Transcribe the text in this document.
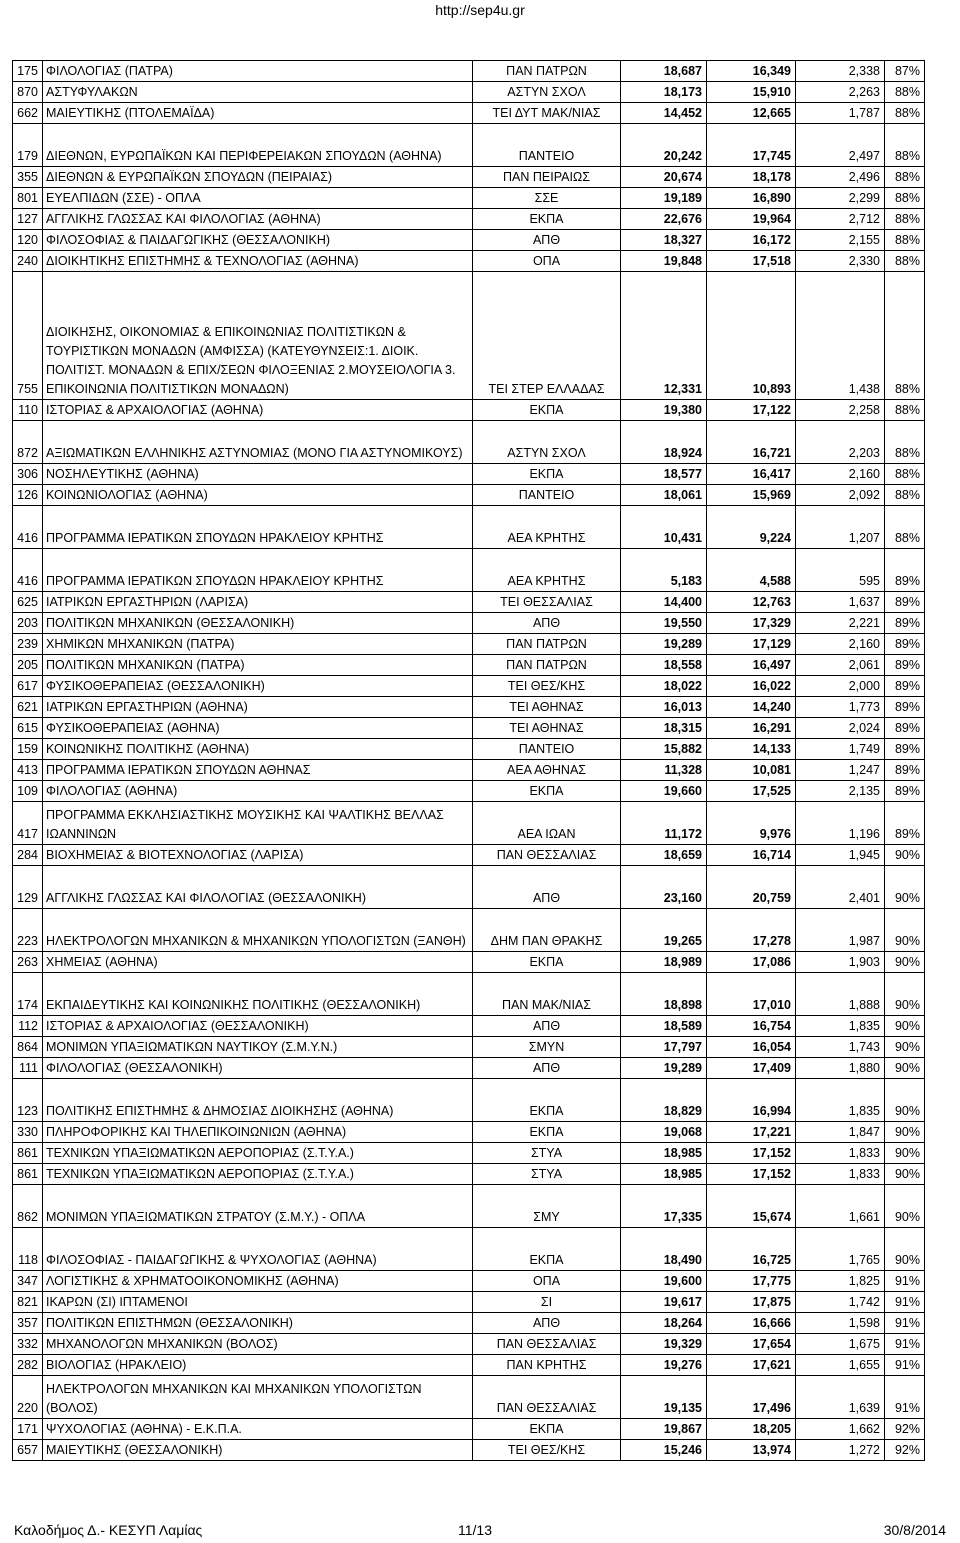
http://sep4u.gr
175	ΦΙΛΟΛΟΓΙΑΣ (ΠΑΤΡΑ)	ΠΑΝ ΠΑΤΡΩΝ	18,687	16,349	2,338	87%
870	ΑΣΤΥΦΥΛΑΚΩΝ	ΑΣΤΥΝ ΣΧΟΛ	18,173	15,910	2,263	88%
662	ΜΑΙΕΥΤΙΚΗΣ (ΠΤΟΛΕΜΑΪΔΑ)	ΤΕΙ ΔΥΤ ΜΑΚ/ΝΙΑΣ	14,452	12,665	1,787	88%
179	ΔΙΕΘΝΩΝ, ΕΥΡΩΠΑΪΚΩΝ ΚΑΙ ΠΕΡΙΦΕΡΕΙΑΚΩΝ ΣΠΟΥΔΩΝ (ΑΘΗΝΑ)	ΠΑΝΤΕΙΟ	20,242	17,745	2,497	88%
355	ΔΙΕΘΝΩΝ & ΕΥΡΩΠΑΪΚΩΝ ΣΠΟΥΔΩΝ (ΠΕΙΡΑΙΑΣ)	ΠΑΝ ΠΕΙΡΑΙΩΣ	20,674	18,178	2,496	88%
801	ΕΥΕΛΠΙΔΩΝ (ΣΣΕ) - ΟΠΛΑ	ΣΣΕ	19,189	16,890	2,299	88%
127	ΑΓΓΛΙΚΗΣ ΓΛΩΣΣΑΣ ΚΑΙ ΦΙΛΟΛΟΓΙΑΣ (ΑΘΗΝΑ)	ΕΚΠΑ	22,676	19,964	2,712	88%
120	ΦΙΛΟΣΟΦΙΑΣ & ΠΑΙΔΑΓΩΓΙΚΗΣ (ΘΕΣΣΑΛΟΝΙΚΗ)	ΑΠΘ	18,327	16,172	2,155	88%
240	ΔΙΟΙΚΗΤΙΚΗΣ ΕΠΙΣΤΗΜΗΣ & ΤΕΧΝΟΛΟΓΙΑΣ (ΑΘΗΝΑ)	ΟΠΑ	19,848	17,518	2,330	88%
755	ΔΙΟΙΚΗΣΗΣ, ΟΙΚΟΝΟΜΙΑΣ & ΕΠΙΚΟΙΝΩΝΙΑΣ ΠΟΛΙΤΙΣΤΙΚΩΝ & ΤΟΥΡΙΣΤΙΚΩΝ ΜΟΝΑΔΩΝ (ΑΜΦΙΣΣΑ) (ΚΑΤΕΥΘΥΝΣΕΙΣ:1. ΔΙΟΙΚ. ΠΟΛΙΤΙΣΤ. ΜΟΝΑΔΩΝ & ΕΠΙΧ/ΣΕΩΝ ΦΙΛΟΞΕΝΙΑΣ 2.ΜΟΥΣΕΙΟΛΟΓΙΑ 3. ΕΠΙΚΟΙΝΩΝΙΑ ΠΟΛΙΤΙΣΤΙΚΩΝ ΜΟΝΑΔΩΝ)	ΤΕΙ ΣΤΕΡ ΕΛΛΑΔΑΣ	12,331	10,893	1,438	88%
110	ΙΣΤΟΡΙΑΣ & ΑΡΧΑΙΟΛΟΓΙΑΣ (ΑΘΗΝΑ)	ΕΚΠΑ	19,380	17,122	2,258	88%
872	ΑΞΙΩΜΑΤΙΚΩΝ ΕΛΛΗΝΙΚΗΣ ΑΣΤΥΝΟΜΙΑΣ (ΜΟΝΟ ΓΙΑ ΑΣΤΥΝΟΜΙΚΟΥΣ)	ΑΣΤΥΝ ΣΧΟΛ	18,924	16,721	2,203	88%
306	ΝΟΣΗΛΕΥΤΙΚΗΣ (ΑΘΗΝΑ)	ΕΚΠΑ	18,577	16,417	2,160	88%
126	ΚΟΙΝΩΝΙΟΛΟΓΙΑΣ (ΑΘΗΝΑ)	ΠΑΝΤΕΙΟ	18,061	15,969	2,092	88%
416	ΠΡΟΓΡΑΜΜΑ ΙΕΡΑΤΙΚΩΝ ΣΠΟΥΔΩΝ ΗΡΑΚΛΕΙΟΥ ΚΡΗΤΗΣ	ΑΕΑ ΚΡΗΤΗΣ	10,431	9,224	1,207	88%
416	ΠΡΟΓΡΑΜΜΑ ΙΕΡΑΤΙΚΩΝ ΣΠΟΥΔΩΝ ΗΡΑΚΛΕΙΟΥ ΚΡΗΤΗΣ	ΑΕΑ ΚΡΗΤΗΣ	5,183	4,588	595	89%
625	ΙΑΤΡΙΚΩΝ ΕΡΓΑΣΤΗΡΙΩΝ (ΛΑΡΙΣΑ)	ΤΕΙ ΘΕΣΣΑΛΙΑΣ	14,400	12,763	1,637	89%
203	ΠΟΛΙΤΙΚΩΝ ΜΗΧΑΝΙΚΩΝ (ΘΕΣΣΑΛΟΝΙΚΗ)	ΑΠΘ	19,550	17,329	2,221	89%
239	ΧΗΜΙΚΩΝ ΜΗΧΑΝΙΚΩΝ (ΠΑΤΡΑ)	ΠΑΝ ΠΑΤΡΩΝ	19,289	17,129	2,160	89%
205	ΠΟΛΙΤΙΚΩΝ ΜΗΧΑΝΙΚΩΝ (ΠΑΤΡΑ)	ΠΑΝ ΠΑΤΡΩΝ	18,558	16,497	2,061	89%
617	ΦΥΣΙΚΟΘΕΡΑΠΕΙΑΣ (ΘΕΣΣΑΛΟΝΙΚΗ)	ΤΕΙ ΘΕΣ/ΚΗΣ	18,022	16,022	2,000	89%
621	ΙΑΤΡΙΚΩΝ ΕΡΓΑΣΤΗΡΙΩΝ (ΑΘΗΝΑ)	ΤΕΙ ΑΘΗΝΑΣ	16,013	14,240	1,773	89%
615	ΦΥΣΙΚΟΘΕΡΑΠΕΙΑΣ (ΑΘΗΝΑ)	ΤΕΙ ΑΘΗΝΑΣ	18,315	16,291	2,024	89%
159	ΚΟΙΝΩΝΙΚΗΣ ΠΟΛΙΤΙΚΗΣ (ΑΘΗΝΑ)	ΠΑΝΤΕΙΟ	15,882	14,133	1,749	89%
413	ΠΡΟΓΡΑΜΜΑ ΙΕΡΑΤΙΚΩΝ ΣΠΟΥΔΩΝ ΑΘΗΝΑΣ	ΑΕΑ ΑΘΗΝΑΣ	11,328	10,081	1,247	89%
109	ΦΙΛΟΛΟΓΙΑΣ (ΑΘΗΝΑ)	ΕΚΠΑ	19,660	17,525	2,135	89%
417	ΠΡΟΓΡΑΜΜΑ ΕΚΚΛΗΣΙΑΣΤΙΚΗΣ ΜΟΥΣΙΚΗΣ ΚΑΙ ΨΑΛΤΙΚΗΣ ΒΕΛΛΑΣ ΙΩΑΝΝΙΝΩΝ	ΑΕΑ ΙΩΑΝ	11,172	9,976	1,196	89%
284	ΒΙΟΧΗΜΕΙΑΣ & ΒΙΟΤΕΧΝΟΛΟΓΙΑΣ (ΛΑΡΙΣΑ)	ΠΑΝ ΘΕΣΣΑΛΙΑΣ	18,659	16,714	1,945	90%
129	ΑΓΓΛΙΚΗΣ ΓΛΩΣΣΑΣ ΚΑΙ ΦΙΛΟΛΟΓΙΑΣ (ΘΕΣΣΑΛΟΝΙΚΗ)	ΑΠΘ	23,160	20,759	2,401	90%
223	ΗΛΕΚΤΡΟΛΟΓΩΝ ΜΗΧΑΝΙΚΩΝ & ΜΗΧΑΝΙΚΩΝ ΥΠΟΛΟΓΙΣΤΩΝ (ΞΑΝΘΗ)	ΔΗΜ ΠΑΝ ΘΡΑΚΗΣ	19,265	17,278	1,987	90%
263	ΧΗΜΕΙΑΣ (ΑΘΗΝΑ)	ΕΚΠΑ	18,989	17,086	1,903	90%
174	ΕΚΠΑΙΔΕΥΤΙΚΗΣ ΚΑΙ ΚΟΙΝΩΝΙΚΗΣ ΠΟΛΙΤΙΚΗΣ (ΘΕΣΣΑΛΟΝΙΚΗ)	ΠΑΝ ΜΑΚ/ΝΙΑΣ	18,898	17,010	1,888	90%
112	ΙΣΤΟΡΙΑΣ & ΑΡΧΑΙΟΛΟΓΙΑΣ (ΘΕΣΣΑΛΟΝΙΚΗ)	ΑΠΘ	18,589	16,754	1,835	90%
864	ΜΟΝΙΜΩΝ ΥΠΑΞΙΩΜΑΤΙΚΩΝ ΝΑΥΤΙΚΟΥ (Σ.Μ.Υ.Ν.)	ΣΜΥΝ	17,797	16,054	1,743	90%
111	ΦΙΛΟΛΟΓΙΑΣ (ΘΕΣΣΑΛΟΝΙΚΗ)	ΑΠΘ	19,289	17,409	1,880	90%
123	ΠΟΛΙΤΙΚΗΣ ΕΠΙΣΤΗΜΗΣ & ΔΗΜΟΣΙΑΣ ΔΙΟΙΚΗΣΗΣ (ΑΘΗΝΑ)	ΕΚΠΑ	18,829	16,994	1,835	90%
330	ΠΛΗΡΟΦΟΡΙΚΗΣ ΚΑΙ ΤΗΛΕΠΙΚΟΙΝΩΝΙΩΝ (ΑΘΗΝΑ)	ΕΚΠΑ	19,068	17,221	1,847	90%
861	ΤΕΧΝΙΚΩΝ ΥΠΑΞΙΩΜΑΤΙΚΩΝ ΑΕΡΟΠΟΡΙΑΣ (Σ.Τ.Υ.Α.)	ΣΤΥΑ	18,985	17,152	1,833	90%
861	ΤΕΧΝΙΚΩΝ ΥΠΑΞΙΩΜΑΤΙΚΩΝ ΑΕΡΟΠΟΡΙΑΣ (Σ.Τ.Υ.Α.)	ΣΤΥΑ	18,985	17,152	1,833	90%
862	ΜΟΝΙΜΩΝ ΥΠΑΞΙΩΜΑΤΙΚΩΝ ΣΤΡΑΤΟΥ (Σ.Μ.Υ.) - ΟΠΛΑ	ΣΜΥ	17,335	15,674	1,661	90%
118	ΦΙΛΟΣΟΦΙΑΣ - ΠΑΙΔΑΓΩΓΙΚΗΣ & ΨΥΧΟΛΟΓΙΑΣ (ΑΘΗΝΑ)	ΕΚΠΑ	18,490	16,725	1,765	90%
347	ΛΟΓΙΣΤΙΚΗΣ & ΧΡΗΜΑΤΟΟΙΚΟΝΟΜΙΚΗΣ (ΑΘΗΝΑ)	ΟΠΑ	19,600	17,775	1,825	91%
821	ΙΚΑΡΩΝ (ΣΙ) ΙΠΤΑΜΕΝΟΙ	ΣΙ	19,617	17,875	1,742	91%
357	ΠΟΛΙΤΙΚΩΝ ΕΠΙΣΤΗΜΩΝ (ΘΕΣΣΑΛΟΝΙΚΗ)	ΑΠΘ	18,264	16,666	1,598	91%
332	ΜΗΧΑΝΟΛΟΓΩΝ ΜΗΧΑΝΙΚΩΝ (ΒΟΛΟΣ)	ΠΑΝ ΘΕΣΣΑΛΙΑΣ	19,329	17,654	1,675	91%
282	ΒΙΟΛΟΓΙΑΣ (ΗΡΑΚΛΕΙΟ)	ΠΑΝ ΚΡΗΤΗΣ	19,276	17,621	1,655	91%
220	ΗΛΕΚΤΡΟΛΟΓΩΝ ΜΗΧΑΝΙΚΩΝ ΚΑΙ ΜΗΧΑΝΙΚΩΝ ΥΠΟΛΟΓΙΣΤΩΝ (ΒΟΛΟΣ)	ΠΑΝ ΘΕΣΣΑΛΙΑΣ	19,135	17,496	1,639	91%
171	ΨΥΧΟΛΟΓΙΑΣ (ΑΘΗΝΑ) - Ε.Κ.Π.Α.	ΕΚΠΑ	19,867	18,205	1,662	92%
657	ΜΑΙΕΥΤΙΚΗΣ (ΘΕΣΣΑΛΟΝΙΚΗ)	ΤΕΙ ΘΕΣ/ΚΗΣ	15,246	13,974	1,272	92%
Καλοδήμος Δ.- ΚΕΣΥΠ Λαμίας	11/13	30/8/2014
